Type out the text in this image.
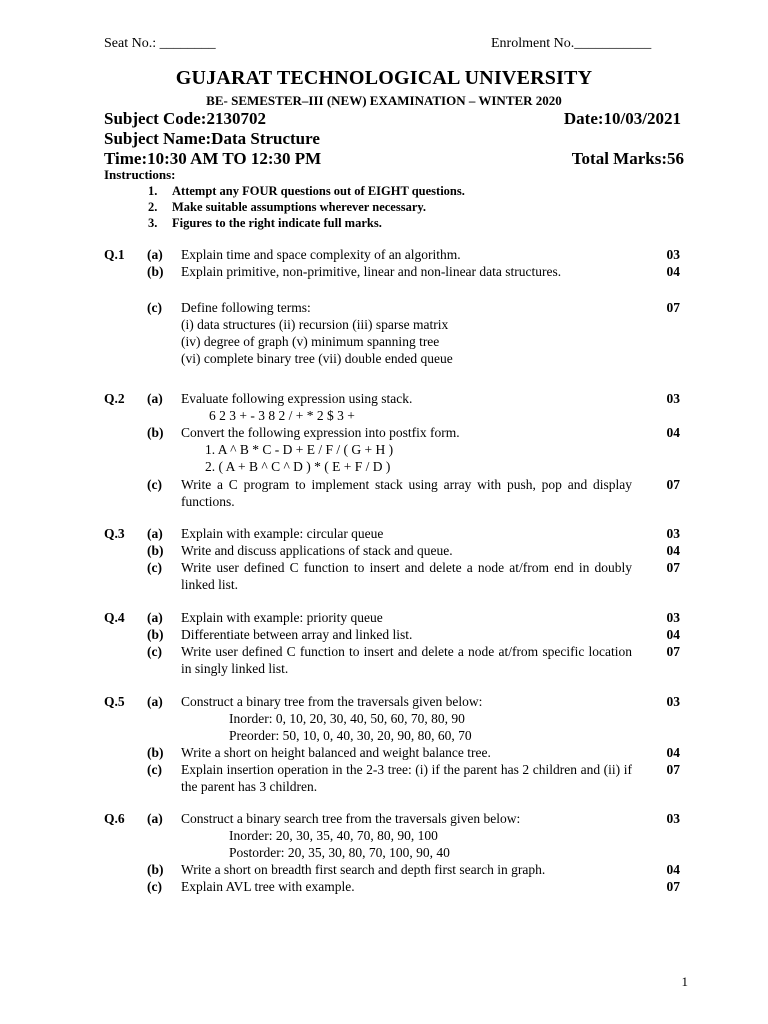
Seat No.: ________	Enrolment No.___________
GUJARAT TECHNOLOGICAL UNIVERSITY
BE- SEMESTER–III (NEW) EXAMINATION – WINTER 2020
Subject Code:2130702	Date:10/03/2021
Subject Name:Data Structure
Time:10:30 AM TO 12:30 PM	Total Marks:56
Instructions:
1. Attempt any FOUR questions out of EIGHT questions.
2. Make suitable assumptions wherever necessary.
3. Figures to the right indicate full marks.
Q.1 (a) Explain time and space complexity of an algorithm.	03
(b) Explain primitive, non-primitive, linear and non-linear data structures.	04
(c) Define following terms:	07
(i) data structures (ii) recursion (iii) sparse matrix
(iv) degree of graph (v) minimum spanning tree
(vi) complete binary tree (vii) double ended queue
Q.2 (a) Evaluate following expression using stack.	03
6 2 3 + - 3 8 2 / + * 2 $ 3 +
(b) Convert the following expression into postfix form.	04
1. A ^ B * C - D + E / F / ( G + H )
2. ( A + B ^ C ^ D ) * ( E + F / D )
(c) Write a C program to implement stack using array with push, pop and display functions.
07
Q.3 (a) Explain with example: circular queue	03
(b) Write and discuss applications of stack and queue.	04
(c) Write user defined C function to insert and delete a node at/from end in doubly linked list.
07
Q.4 (a) Explain with example: priority queue	03
(b) Differentiate between array and linked list.	04
(c) Write user defined C function to insert and delete a node at/from specific location in singly linked list.
07
Q.5 (a) Construct a binary tree from the traversals given below:	03
Inorder: 0, 10, 20, 30, 40, 50, 60, 70, 80, 90
Preorder: 50, 10, 0, 40, 30, 20, 90, 80, 60, 70
(b) Write a short on height balanced and weight balance tree.	04
(c) Explain insertion operation in the 2-3 tree: (i) if the parent has 2 children and (ii) if the parent has 3 children.
07
Q.6 (a) Construct a binary search tree from the traversals given below:	03
Inorder: 20, 30, 35, 40, 70, 80, 90, 100
Postorder: 20, 35, 30, 80, 70, 100, 90, 40
(b) Write a short on breadth first search and depth first search in graph.	04
(c) Explain AVL tree with example.	07
1
